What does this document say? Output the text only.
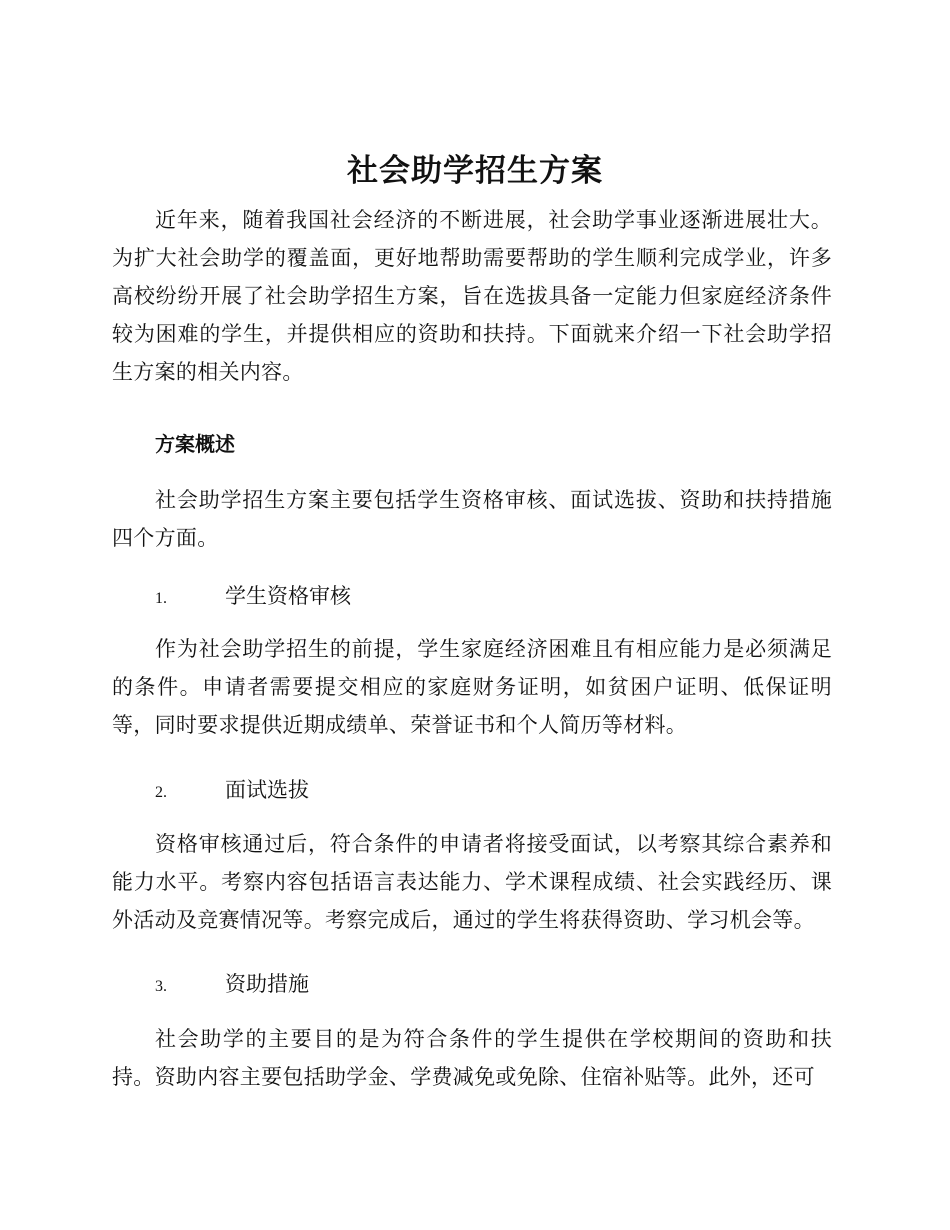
社会助学招生方案

近年来，随着我国社会经济的不断进展，社会助学事业逐渐进展壮大。为扩大社会助学的覆盖面，更好地帮助需要帮助的学生顺利完成学业，许多高校纷纷开展了社会助学招生方案，旨在选拔具备一定能力但家庭经济条件较为困难的学生，并提供相应的资助和扶持。下面就来介绍一下社会助学招生方案的相关内容。

方案概述

社会助学招生方案主要包括学生资格审核、面试选拔、资助和扶持措施四个方面。

1.	学生资格审核

作为社会助学招生的前提，学生家庭经济困难且有相应能力是必须满足的条件。申请者需要提交相应的家庭财务证明，如贫困户证明、低保证明等，同时要求提供近期成绩单、荣誉证书和个人简历等材料。

2.	面试选拔

资格审核通过后，符合条件的申请者将接受面试，以考察其综合素养和能力水平。考察内容包括语言表达能力、学术课程成绩、社会实践经历、课外活动及竞赛情况等。考察完成后，通过的学生将获得资助、学习机会等。

3.	资助措施

社会助学的主要目的是为符合条件的学生提供在学校期间的资助和扶持。资助内容主要包括助学金、学费减免或免除、住宿补贴等。此外，还可
